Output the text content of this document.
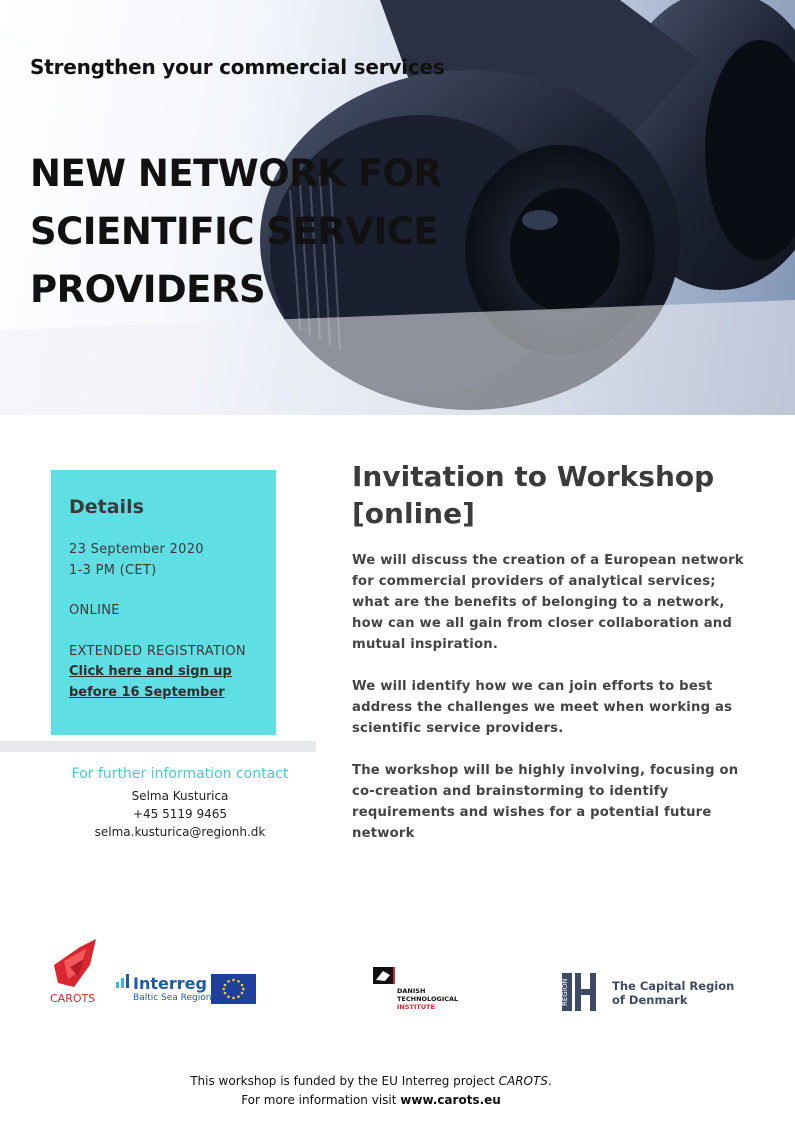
Strengthen your commercial services

NEW NETWORK FOR SCIENTIFIC SERVICE PROVIDERS
Details

23 September 2020

1-3 PM (CET)

ONLINE

EXTENDED REGISTRATION

Click here and sign up
before 16 September

For further information contact

Selma Kusturica

+45 5119 9465

selma.kusturica@regionh.dk

Invitation to Workshop [online]

We will discuss the creation of a European network for commercial providers of analytical services; what are the benefits of belonging to a network, how can we all gain from closer collaboration and mutual inspiration.

We will identify how we can join efforts to best address the challenges we meet when working as scientific service providers.

The workshop will be highly involving, focusing on co-creation and brainstorming to identify requirements and wishes for a potential future network

CAROTS
Interreg
Baltic Sea Region
DANISH
TECHNOLOGICAL
INSTITUTE
REGION	The Capital Region
of Denmark

This workshop is funded by the EU Interreg project CAROTS.

For more information visit www.carots.eu
